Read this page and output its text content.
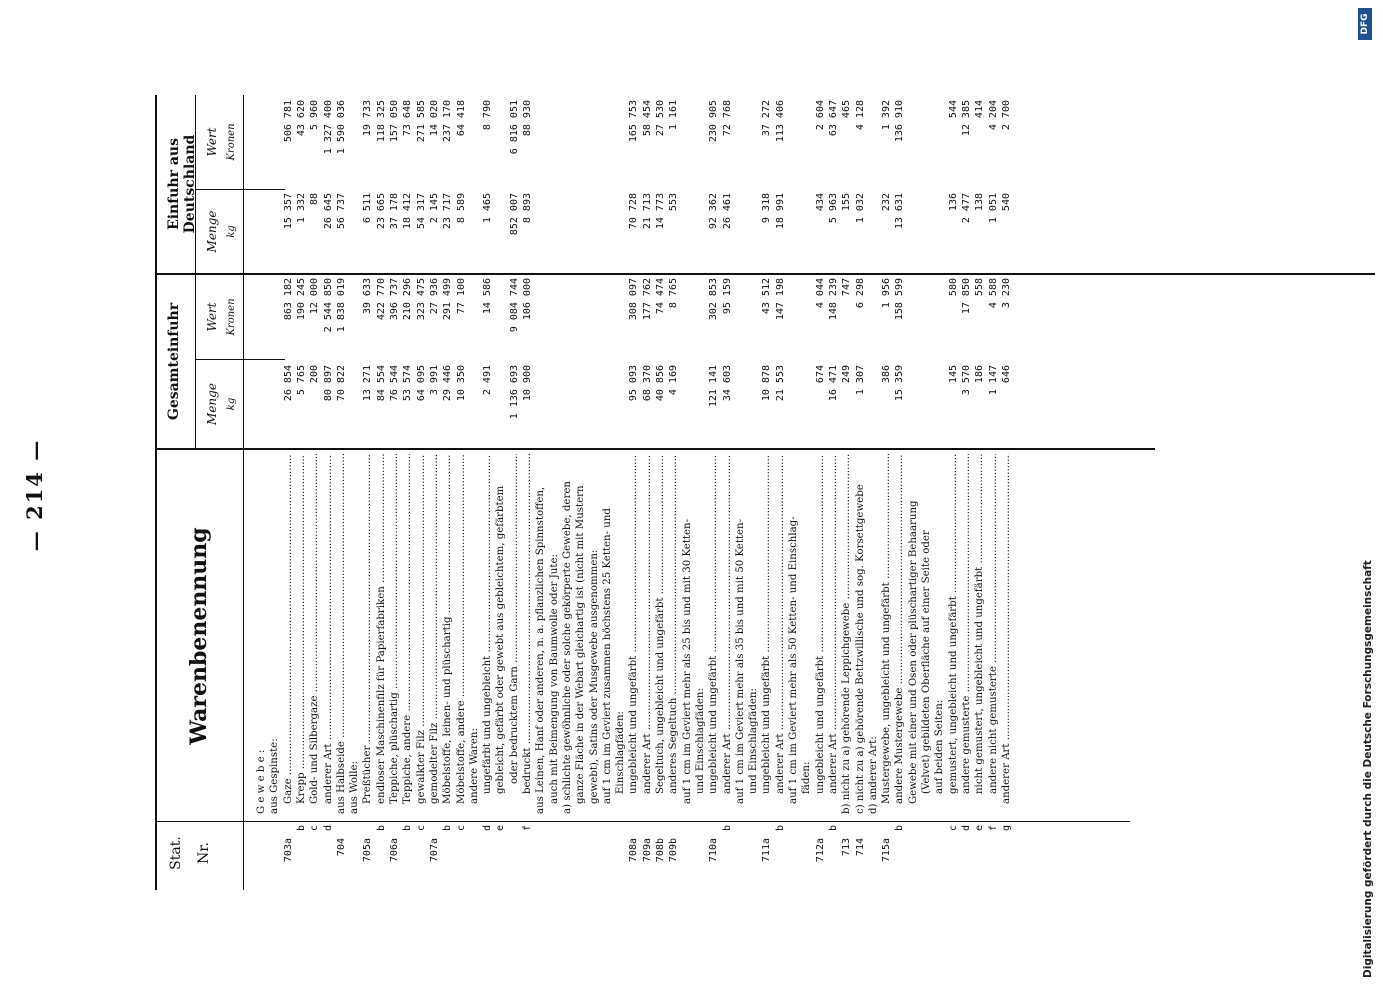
— 214 —
Stat. Nr.
Warenbenennung
Gesamteinfuhr Menge
Wert
kg
Kronen
Einfuhr aus Deutschland Menge
Wert
kg
Kronen
G e w e b e : aus Gespinste:
703a
Gaze .....
26 854
863 182
15 357
506 781
b
Krepp .....
5 765
190 245
1 332
43 620
c
Gold- und Silbergaze .....
200
12 000
88
5 960
d
anderer Art .....
80 897
2 544 850
26 645
1 327 400
704
aus Halbseide .....
70 822
1 838 019
56 737
1 590 036
aus Wolle:
705a
Preßtücher .....
13 271
39 633
6 511
19 733
b
endloser Maschinenfilz für Papierfabriken .....
84 554
422 770
23 665
118 325
706a
Teppiche, plüschartig .....
76 544
396 737
37 178
157 050
b
Teppiche, andere .....
53 574
210 296
18 412
73 648
c
gewalkter Filz .....
64 095
323 475
54 317
271 585
707a
gemodelter Filz .....
3 991
27 936
2 145
14 020
b
Möbelstoffe, leinen- und plüschartig .....
29 446
291 499
23 717
237 170
c
Möbelstoffe, andere .....
10 350
77 100
8 589
64 418
andere Waren:
d
ungefärbt und ungebleicht .....
2 491
14 586
1 465
8 790
e
gebleicht, gefärbt oder gewebt aus gebleichtem, gefärbtem oder bedrucktem Garn .....
1 136 693
9 084 744
852 007
6 816 051
f
bedruckt .....
10 900
106 000
8 893
88 930
aus Leinen, Hanf oder anderen, n. a. pflanzlichen Spinnstoffen, auch mit Beimengung von Baumwolle oder Jute: a) schlichte gewöhnliche oder solche gekörperte Gewebe, deren ganze Fläche in der Webart gleichartig ist (nicht mit Mustern gewebt), Satins oder Musgewebe ausgenommen: auf 1 cm im Geviert zusammen höchstens 25 Ketten- und Einschlagfäden:
708a
ungebleicht und ungefärbt .....
95 093
308 097
70 728
165 753
709a
anderer Art .....
68 370
177 762
21 713
58 454
708b
Segeltuch, ungebleicht und ungefärbt .....
40 856
74 474
14 773
27 530
709b
anderes Segeltuch .....
4 169
8 765
553
1 161
auf 1 cm im Geviert mehr als 25 bis und mit 30 Ketten- und Einschlagfäden:
710a
ungebleicht und ungefärbt .....
121 141
302 853
92 362
230 905
b
anderer Art .....
34 603
95 159
26 461
72 768
auf 1 cm im Geviert mehr als 35 bis und mit 50 Ketten- und Einschlagfäden:
711a
ungebleicht und ungefärbt .....
10 878
43 512
9 318
37 272
b
anderer Art .....
21 553
147 198
18 991
113 406
auf 1 cm im Geviert mehr als 50 Ketten- und Einschlag- fäden:
712a
ungebleicht und ungefärbt .....
674
4 044
434
2 604
b
anderer Art .....
16 471
148 239
5 963
63 647
713
b) nicht zu a) gehörende Leppichgewebe .....
249
747
155
465
714
c) nicht zu a) gehörende Bettzwillische und sog. Korsettgewebe
1 307
6 298
1 032
4 128
d) anderer Art:
715a
Mustergewebe, ungebleicht und ungefärbt .....
386
1 956
232
1 392
b
andere Mustergewebe .....
15 359
158 599
13 631
136 910
Gewebe mit einer und Osen oder plüschartiger Behaarung (Velvet) gebildeten Oberfläche auf einer Seite oder auf beiden Seiten:
c
gemustert, ungebleicht und ungefärbt .....
145
580
136
544
d
andere gemusterte .....
3 570
17 850
2 477
12 385
e
nicht gemustert, ungebleicht und ungefärbt .....
186
558
138
414
f
andere nicht gemusterte .....
1 147
4 588
1 051
4 204
g
anderer Art .....
646
3 230
540
2 700
Digitalisierung gefördert durch die Deutsche Forschungsgemeinschaft
DFG
